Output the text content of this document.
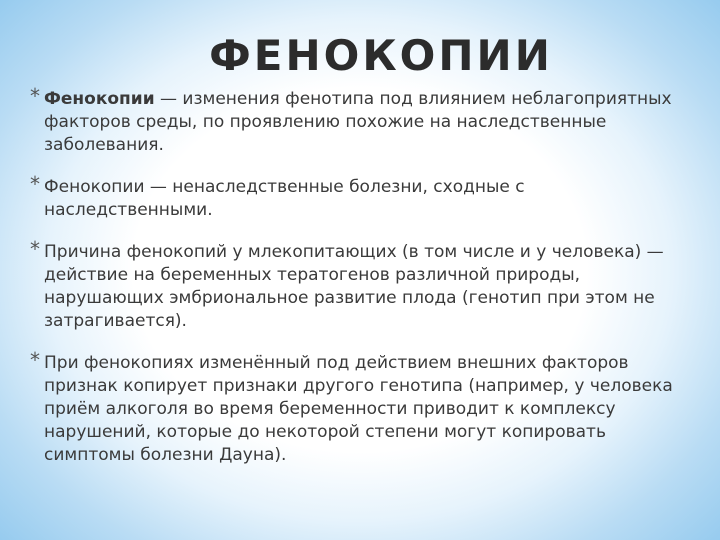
ФЕНОКОПИИ
* Фенокопии — изменения фенотипа под влиянием неблагоприятных факторов среды, по проявлению похожие на наследственные заболевания.
* Фенокопии — ненаследственные болезни, сходные с наследственными.
* Причина фенокопий у млекопитающих (в том числе и у человека) — действие на беременных тератогенов различной природы, нарушающих эмбриональное развитие плода (генотип при этом не затрагивается).
* При фенокопиях изменённый под действием внешних факторов признак копирует признаки другого генотипа (например, у человека приём алкоголя во время беременности приводит к комплексу нарушений, которые до некоторой степени могут копировать симптомы болезни Дауна).
